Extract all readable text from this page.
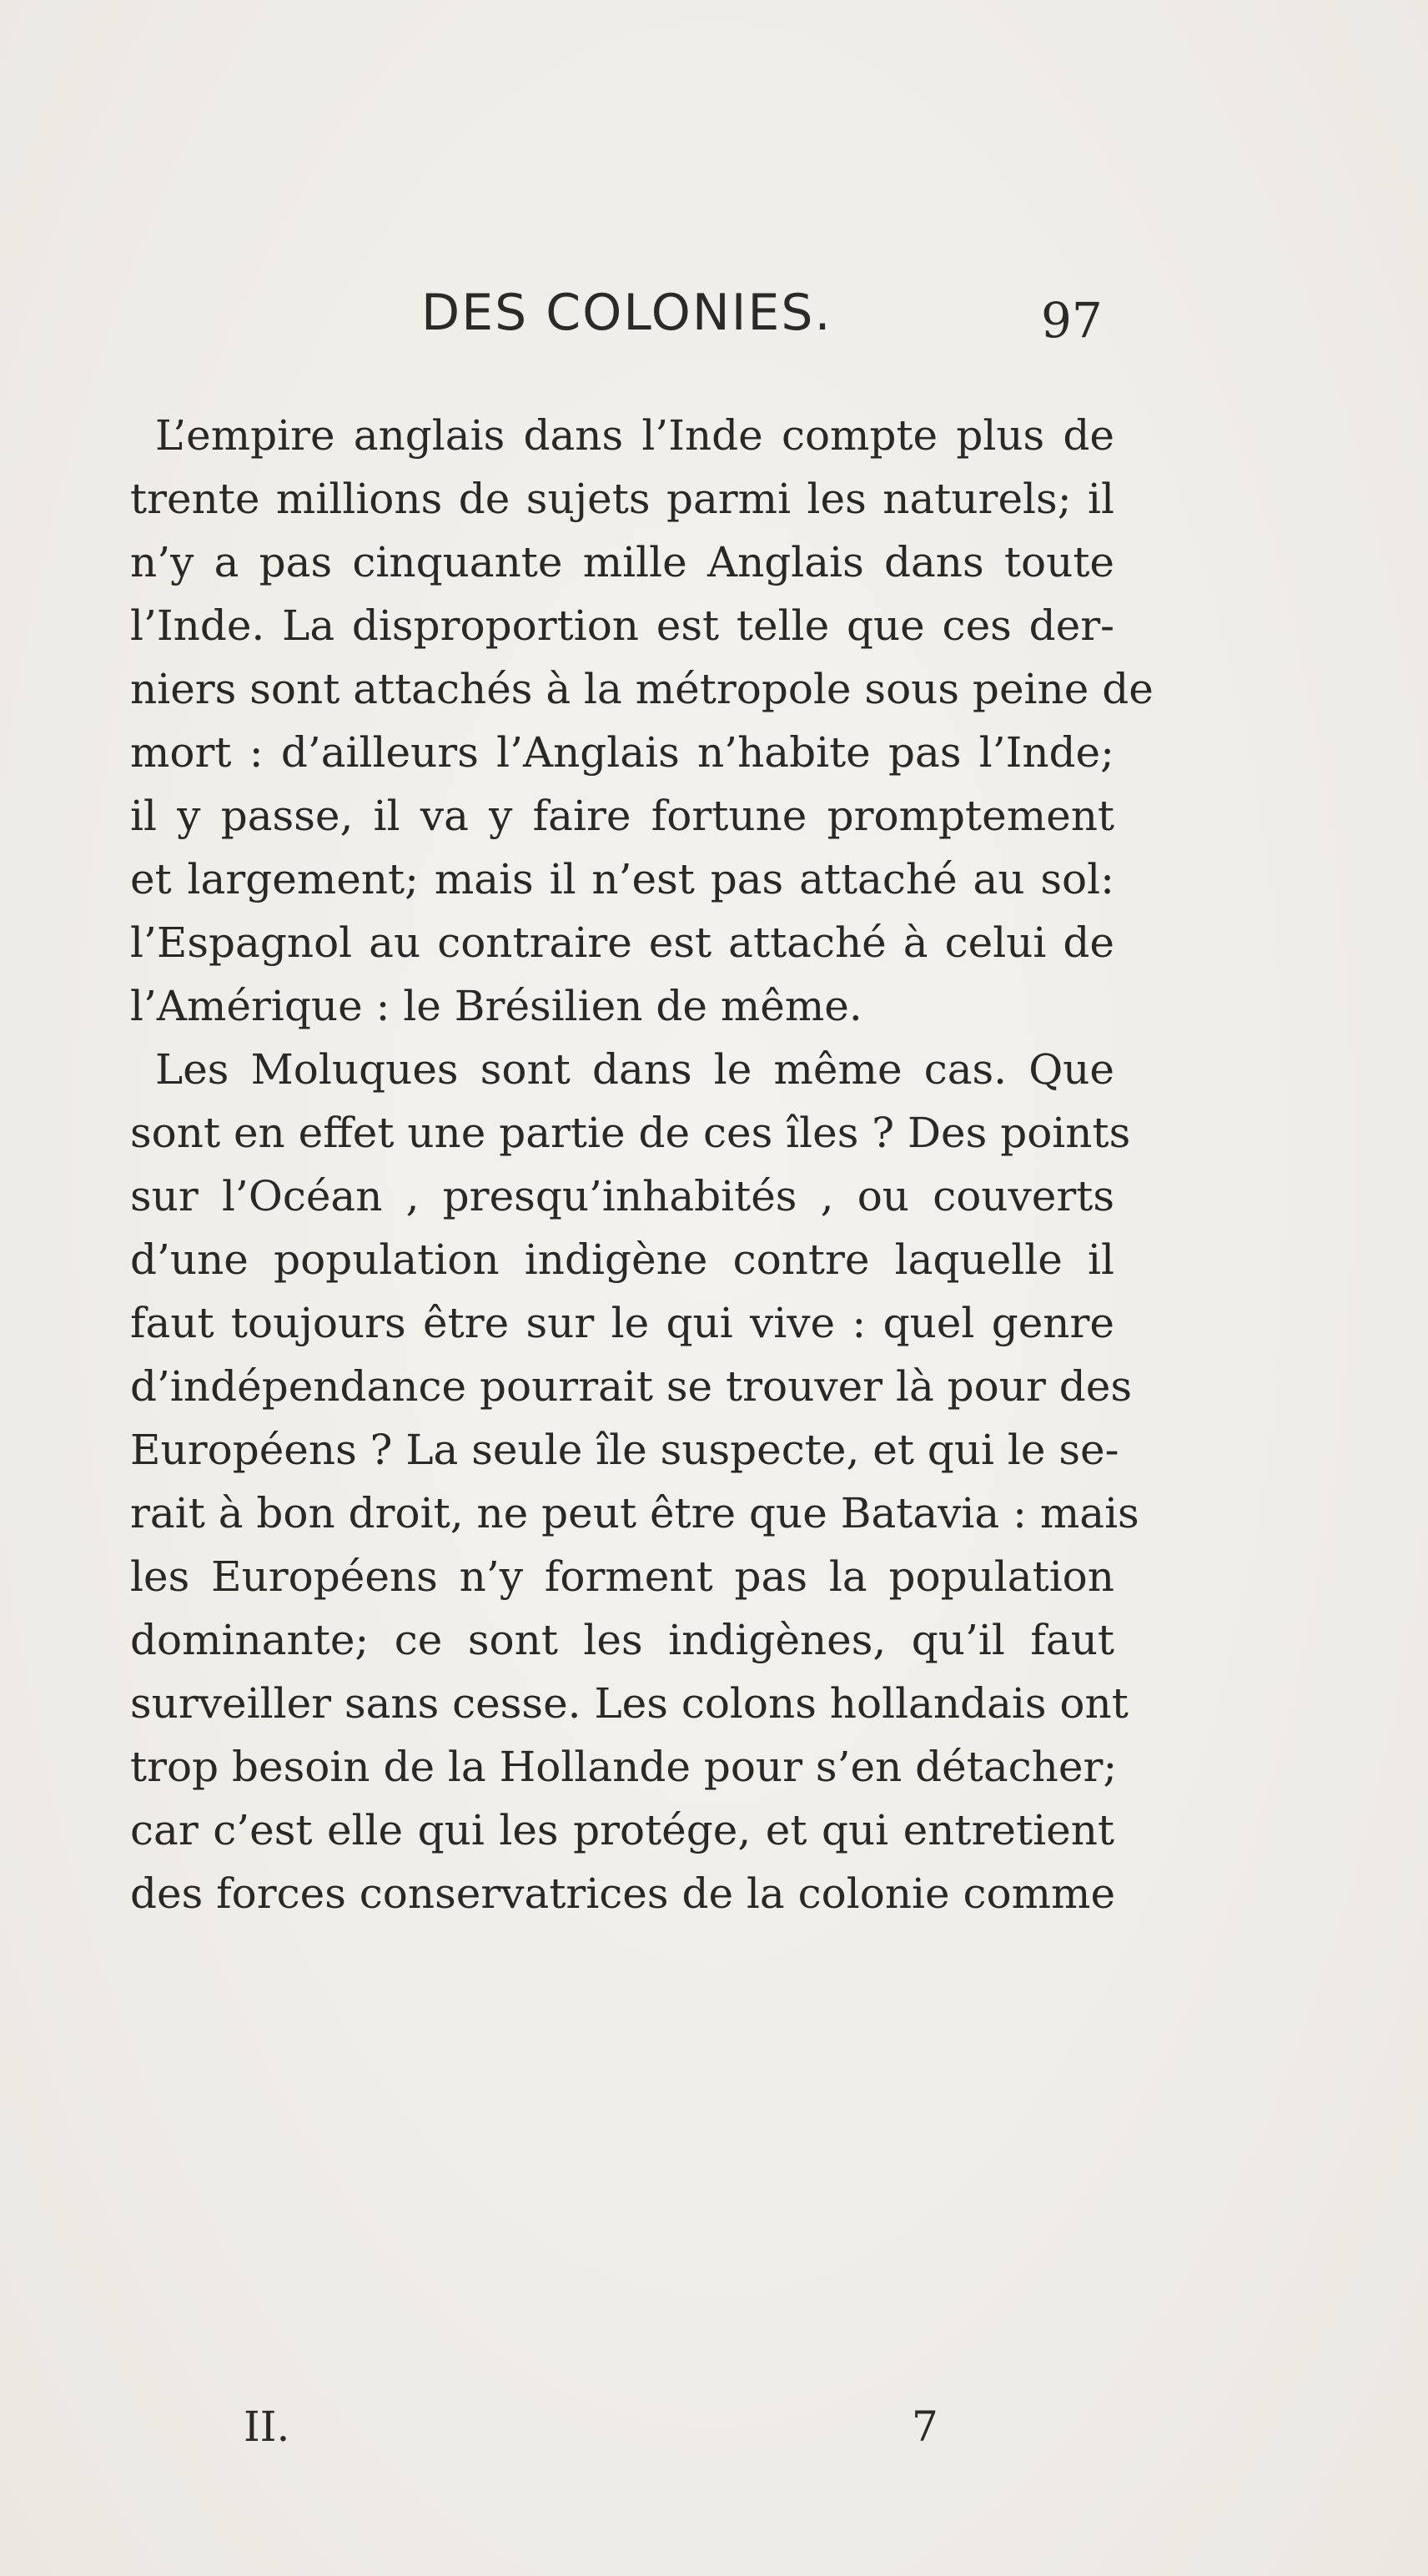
DES COLONIES.	97
L’empire anglais dans l’Inde compte plus de
trente millions de sujets parmi les naturels; il
n’y a pas cinquante mille Anglais dans toute
l’Inde. La disproportion est telle que ces der-
niers sont attachés à la métropole sous peine de
mort : d’ailleurs l’Anglais n’habite pas l’Inde;
il y passe, il va y faire fortune promptement
et largement; mais il n’est pas attaché au sol:
l’Espagnol au contraire est attaché à celui de
l’Amérique : le Brésilien de même.
Les Moluques sont dans le même cas. Que
sont en effet une partie de ces îles ? Des points
sur l’Océan , presqu’inhabités , ou couverts
d’une population indigène contre laquelle il
faut toujours être sur le qui vive : quel genre
d’indépendance pourrait se trouver là pour des
Européens ? La seule île suspecte, et qui le se-
rait à bon droit, ne peut être que Batavia : mais
les Européens n’y forment pas la population
dominante; ce sont les indigènes, qu’il faut
surveiller sans cesse. Les colons hollandais ont
trop besoin de la Hollande pour s’en détacher;
car c’est elle qui les protége, et qui entretient
des forces conservatrices de la colonie comme
II.	7
